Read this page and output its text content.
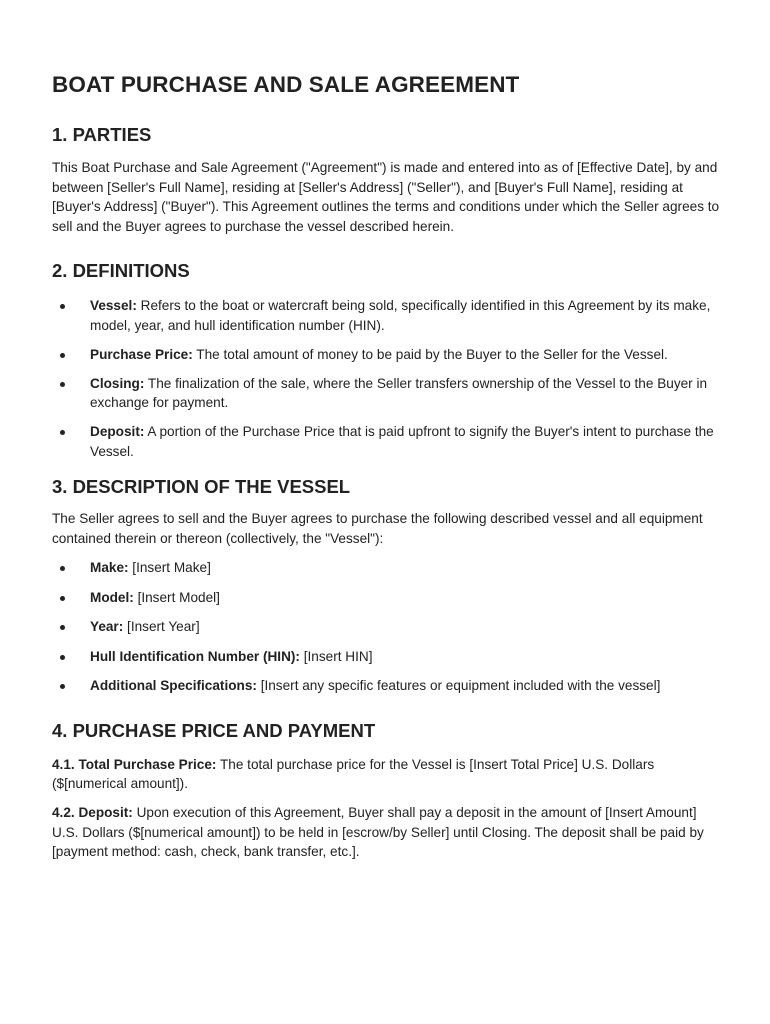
BOAT PURCHASE AND SALE AGREEMENT
1. PARTIES

This Boat Purchase and Sale Agreement ("Agreement") is made and entered into as of [Effective Date], by and between [Seller's Full Name], residing at [Seller's Address] ("Seller"), and [Buyer's Full Name], residing at [Buyer's Address] ("Buyer"). This Agreement outlines the terms and conditions under which the Seller agrees to sell and the Buyer agrees to purchase the vessel described herein.

2. DEFINITIONS
Vessel: Refers to the boat or watercraft being sold, specifically identified in this Agreement by its make, model, year, and hull identification number (HIN).
Purchase Price: The total amount of money to be paid by the Buyer to the Seller for the Vessel.
Closing: The finalization of the sale, where the Seller transfers ownership of the Vessel to the Buyer in exchange for payment.
Deposit: A portion of the Purchase Price that is paid upfront to signify the Buyer's intent to purchase the Vessel.
3. DESCRIPTION OF THE VESSEL

The Seller agrees to sell and the Buyer agrees to purchase the following described vessel and all equipment contained therein or thereon (collectively, the "Vessel"):

Make: [Insert Make]
Model: [Insert Model]
Year: [Insert Year]
Hull Identification Number (HIN): [Insert HIN]
Additional Specifications: [Insert any specific features or equipment included with the vessel]
4. PURCHASE PRICE AND PAYMENT

4.1. Total Purchase Price: The total purchase price for the Vessel is [Insert Total Price] U.S. Dollars ($[numerical amount]).

4.2. Deposit: Upon execution of this Agreement, Buyer shall pay a deposit in the amount of [Insert Amount] U.S. Dollars ($[numerical amount]) to be held in [escrow/by Seller] until Closing. The deposit shall be paid by [payment method: cash, check, bank transfer, etc.].
